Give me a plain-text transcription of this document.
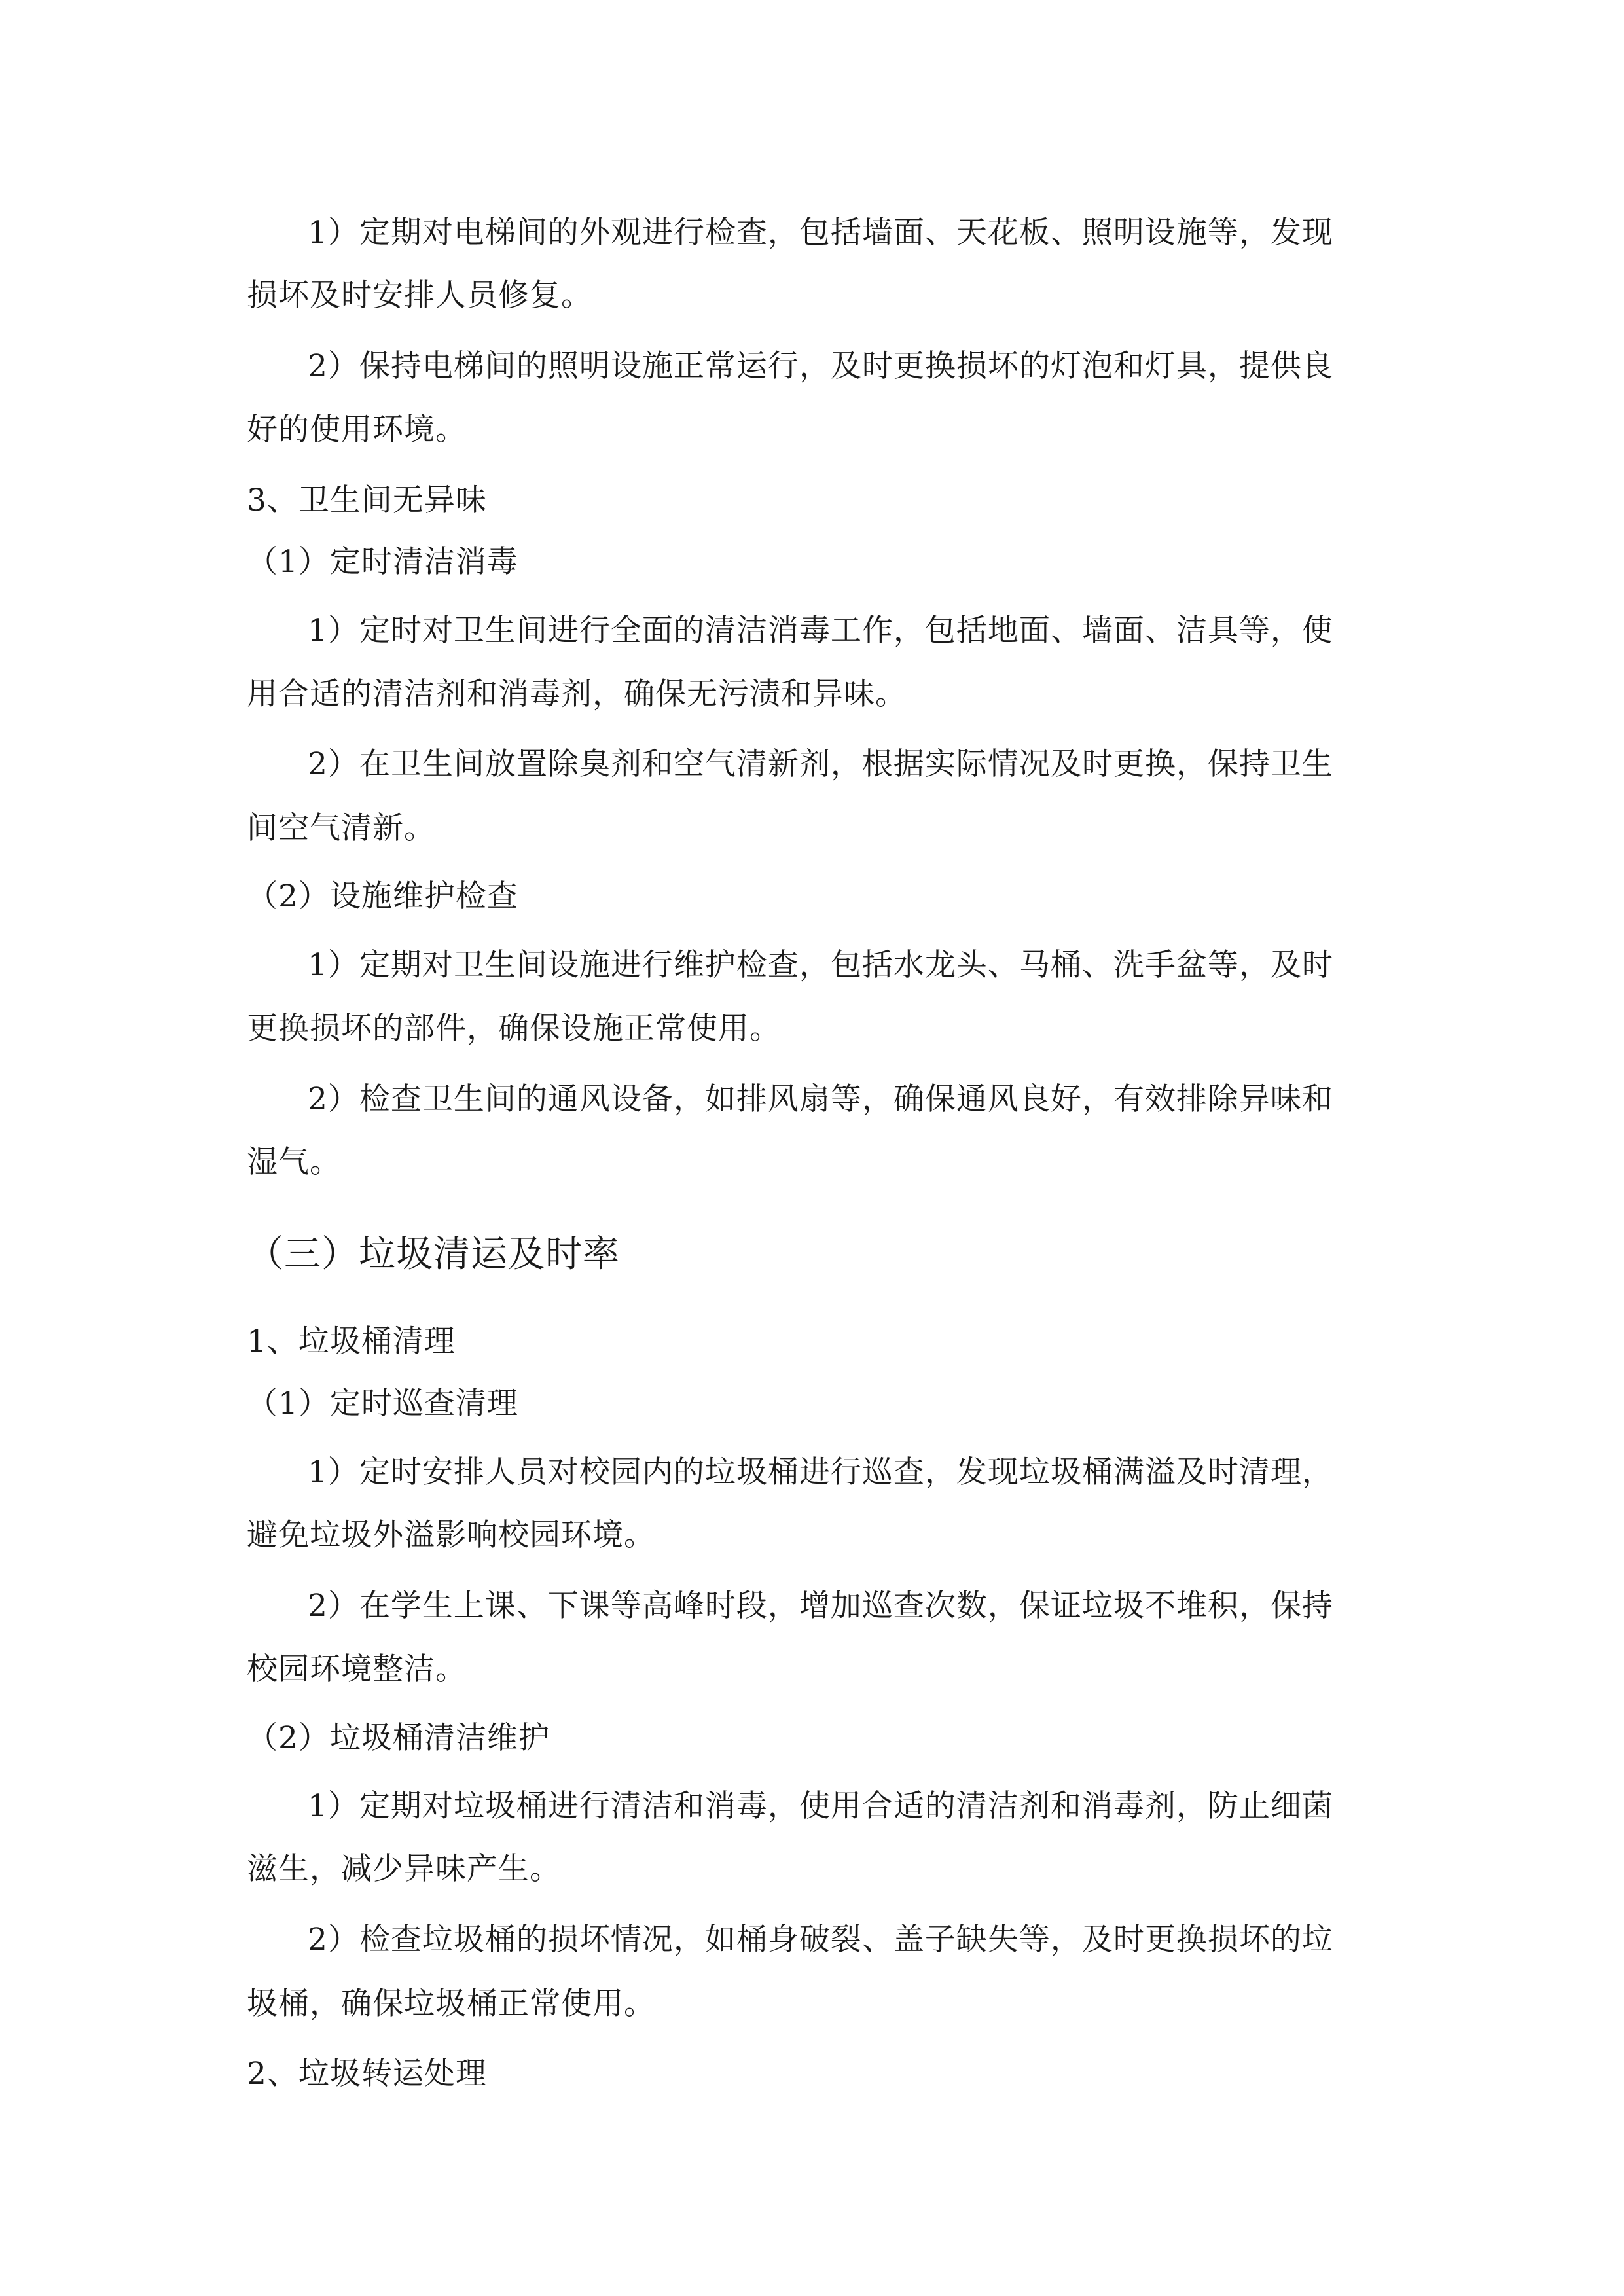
1）定期对电梯间的外观进行检查，包括墙面、天花板、照明设施等，发现

损坏及时安排人员修复。

2）保持电梯间的照明设施正常运行，及时更换损坏的灯泡和灯具，提供良

好的使用环境。

3、卫生间无异味

（1）定时清洁消毒

1）定时对卫生间进行全面的清洁消毒工作，包括地面、墙面、洁具等，使

用合适的清洁剂和消毒剂，确保无污渍和异味。

2）在卫生间放置除臭剂和空气清新剂，根据实际情况及时更换，保持卫生

间空气清新。

（2）设施维护检查

1）定期对卫生间设施进行维护检查，包括水龙头、马桶、洗手盆等，及时

更换损坏的部件，确保设施正常使用。

2）检查卫生间的通风设备，如排风扇等，确保通风良好，有效排除异味和

湿气。

（三）垃圾清运及时率

1、垃圾桶清理

（1）定时巡查清理

1）定时安排人员对校园内的垃圾桶进行巡查，发现垃圾桶满溢及时清理，

避免垃圾外溢影响校园环境。

2）在学生上课、下课等高峰时段，增加巡查次数，保证垃圾不堆积，保持

校园环境整洁。

（2）垃圾桶清洁维护

1）定期对垃圾桶进行清洁和消毒，使用合适的清洁剂和消毒剂，防止细菌

滋生，减少异味产生。

2）检查垃圾桶的损坏情况，如桶身破裂、盖子缺失等，及时更换损坏的垃

圾桶，确保垃圾桶正常使用。

2、垃圾转运处理
